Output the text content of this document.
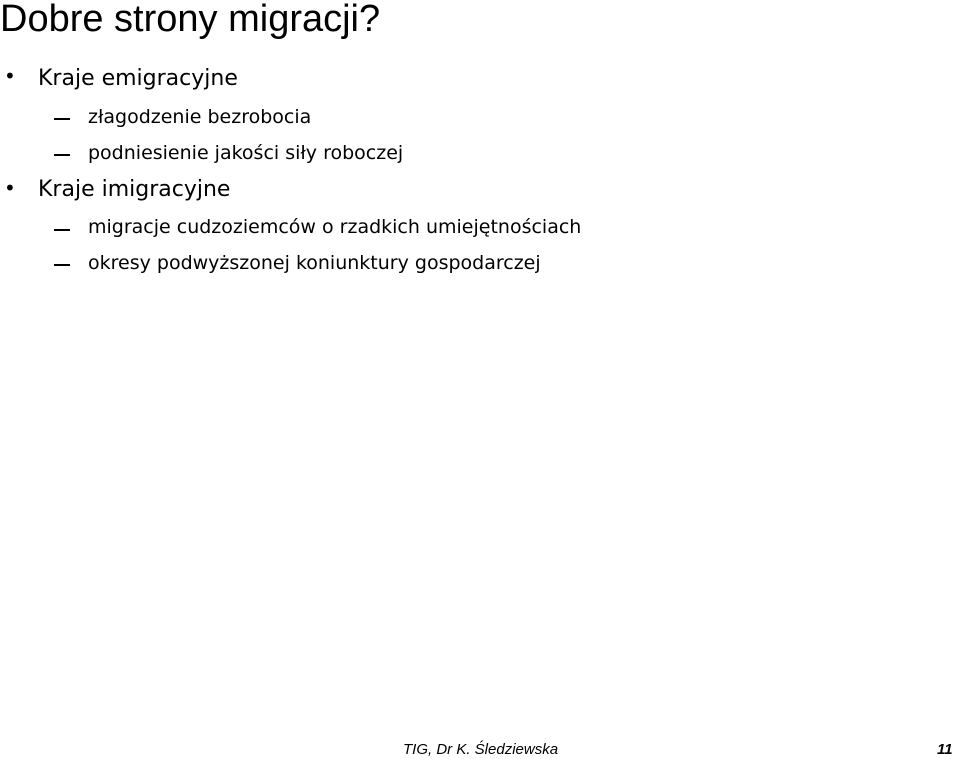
Dobre strony migracji?
• Kraje emigracyjne
złagodzenie bezrobocia
podniesienie jakości siły roboczej
• Kraje imigracyjne
migracje cudzoziemców o rzadkich umiejętnościach
okresy podwyższonej koniunktury gospodarczej
TIG, Dr K. Śledziewska	11
